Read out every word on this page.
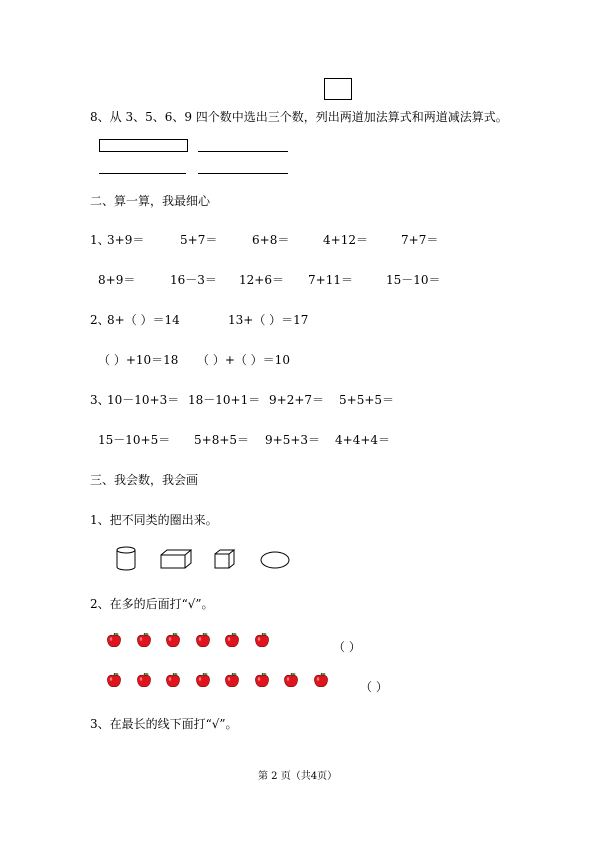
8、从 3、5、6、9 四个数中选出三个数，列出两道加法算式和两道减法算式。
二、算一算，我最细心
1、
3+9＝	5+7＝	6+8＝	4+12＝	7+7＝
8+9＝	16－3＝ 12+6＝ 7+11＝	15－10＝
2、
8+（ ）＝14	13+（ ）＝17
（ ）+10＝18 （ ）+（ ）＝10
3、
10－10+3＝ 18－10+1＝ 9+2+7＝ 5+5+5＝
15－10+5＝ 5+8+5＝ 9+5+3＝ 4+4+4＝
三、我会数，我会画
1、把不同类的圈出来。
2、在多的后面打“√”。
（ ）
（ ）
3、在最长的线下面打“√”。
第 2 页（共4页）
